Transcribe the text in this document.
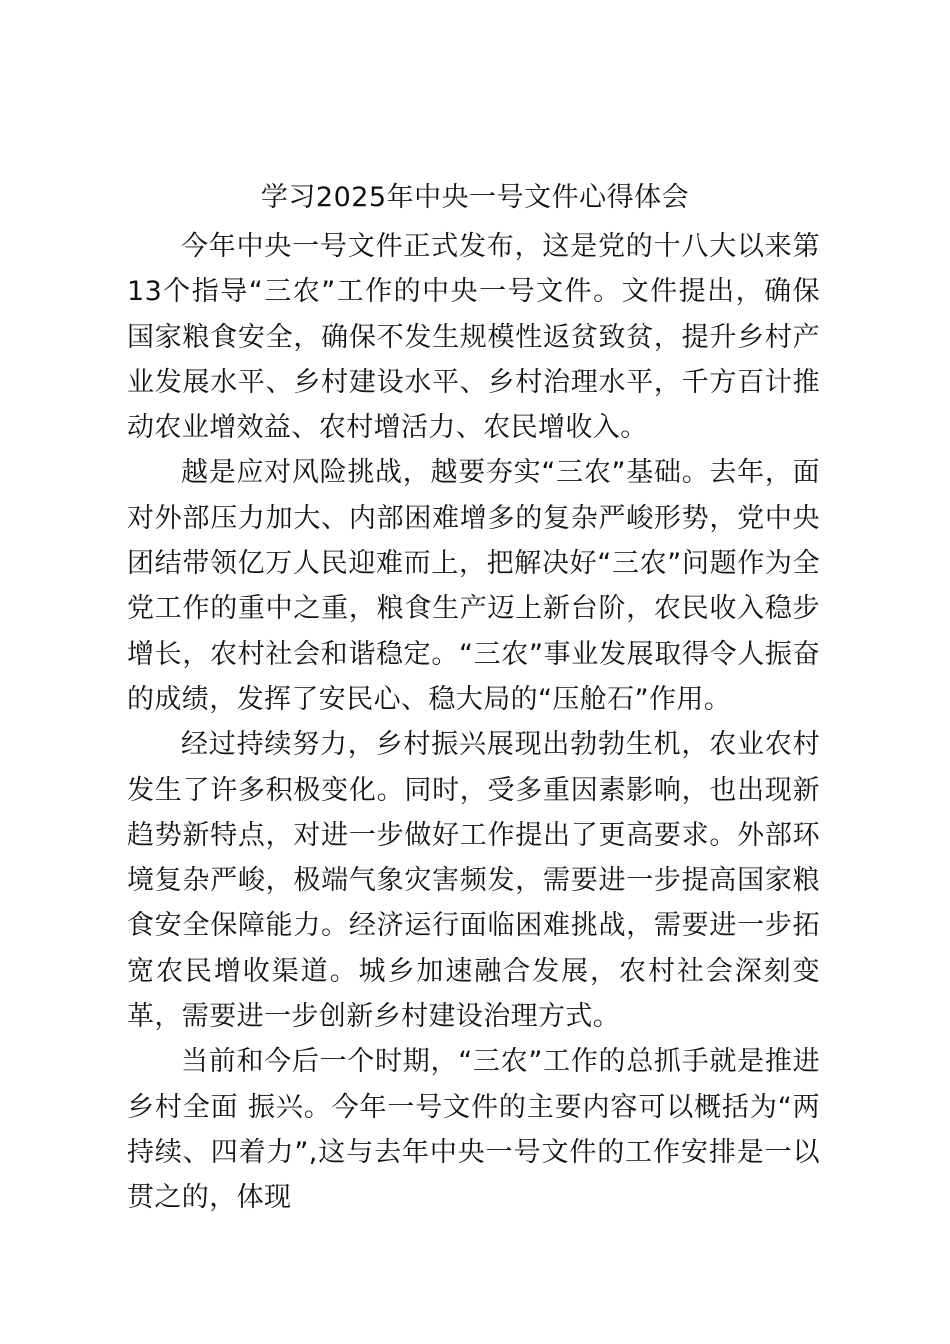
学习2025年中央一号文件心得体会

今年中央一号文件正式发布，这是党的十八大以来第13个指导“三农”工作的中央一号文件。文件提出，确保国家粮食安全，确保不发生规模性返贫致贫，提升乡村产业发展水平、乡村建设水平、乡村治理水平，千方百计推动农业增效益、农村增活力、农民增收入。

越是应对风险挑战，越要夯实“三农”基础。去年，面对外部压力加大、内部困难增多的复杂严峻形势，党中央团结带领亿万人民迎难而上，把解决好“三农”问题作为全党工作的重中之重，粮食生产迈上新台阶，农民收入稳步增长，农村社会和谐稳定。“三农”事业发展取得令人振奋的成绩，发挥了安民心、稳大局的“压舱石”作用。

经过持续努力，乡村振兴展现出勃勃生机，农业农村发生了许多积极变化。同时，受多重因素影响，也出现新趋势新特点，对进一步做好工作提出了更高要求。外部环境复杂严峻，极端气象灾害频发，需要进一步提高国家粮食安全保障能力。经济运行面临困难挑战，需要进一步拓宽农民增收渠道。城乡加速融合发展，农村社会深刻变革，需要进一步创新乡村建设治理方式。

当前和今后一个时期，“三农”工作的总抓手就是推进乡村全面 振兴。今年一号文件的主要内容可以概括为“两持续、四着力”,这与去年中央一号文件的工作安排是一以贯之的，体现
